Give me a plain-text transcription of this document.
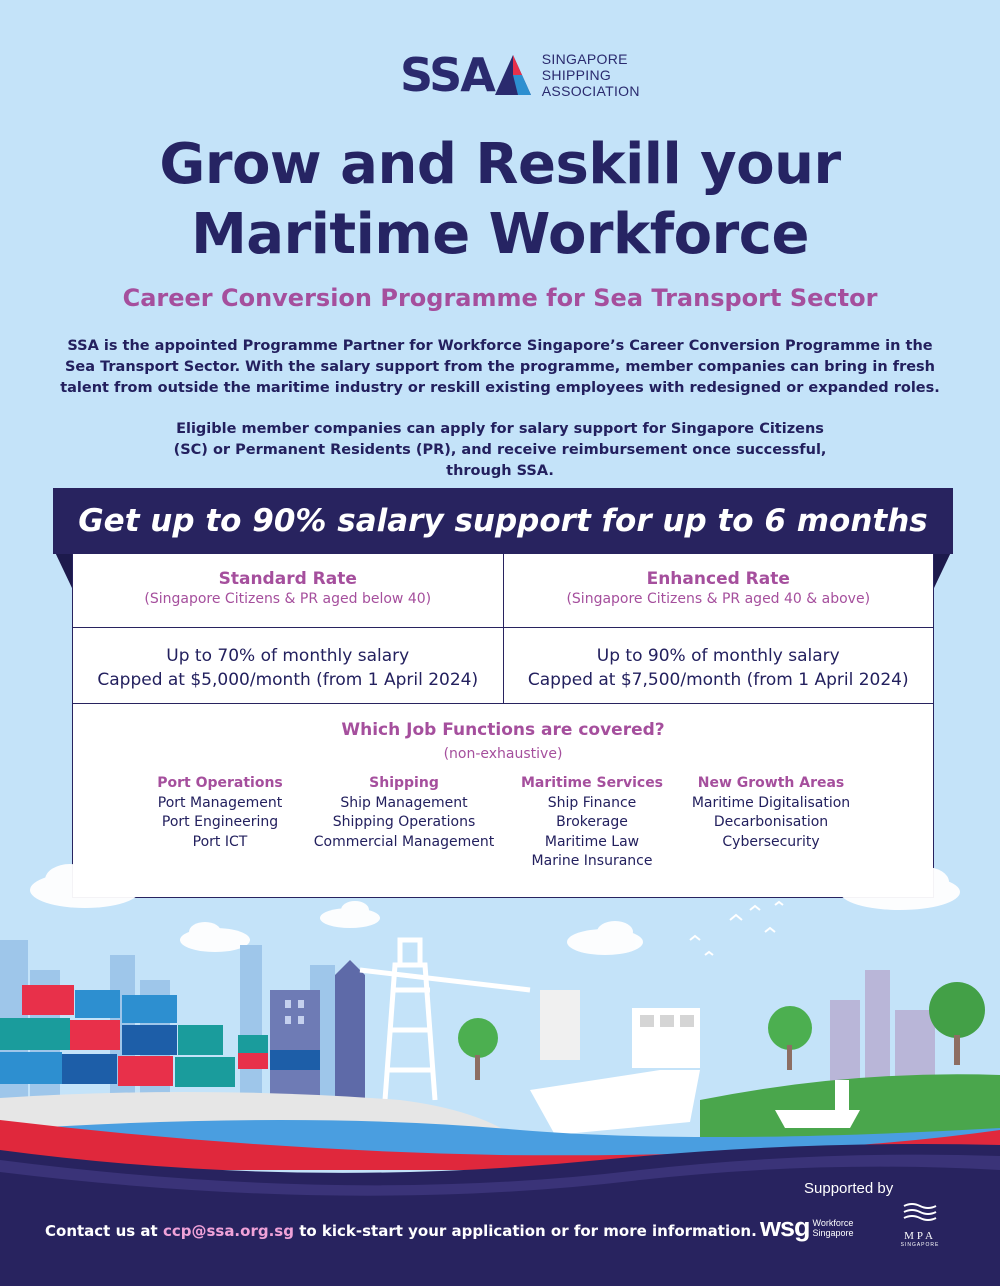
SSA	SINGAPORE
SHIPPING
ASSOCIATION
Grow and Reskill your
Maritime Workforce
Career Conversion Programme for Sea Transport Sector

SSA is the appointed Programme Partner for Workforce Singapore’s Career Conversion Programme in the Sea Transport Sector. With the salary support from the programme, member companies can bring in fresh talent from outside the maritime industry or reskill existing employees with redesigned or expanded roles.

Eligible member companies can apply for salary support for Singapore Citizens (SC) or Permanent Residents (PR), and receive reimbursement once successful, through SSA.

Get up to 90% salary support for up to 6 months
Standard Rate
(Singapore Citizens & PR aged below 40)
Up to 70% of monthly salary
Capped at $5,000/month (from 1 April 2024)
Enhanced Rate
(Singapore Citizens & PR aged 40 & above)
Up to 90% of monthly salary
Capped at $7,500/month (from 1 April 2024)
Which Job Functions are covered?
(non-exhaustive)
Port Operations
Port Management
Port Engineering
Port ICT
Shipping
Ship Management
Shipping Operations
Commercial Management
Maritime Services
Ship Finance
Brokerage
Maritime Law
Marine Insurance
New Growth Areas
Maritime Digitalisation
Decarbonisation
Cybersecurity
Contact us at ccp@ssa.org.sg to kick-start your application or for more information.
Supported by
wsg Workforce
Singapore	MPA
SINGAPORE
